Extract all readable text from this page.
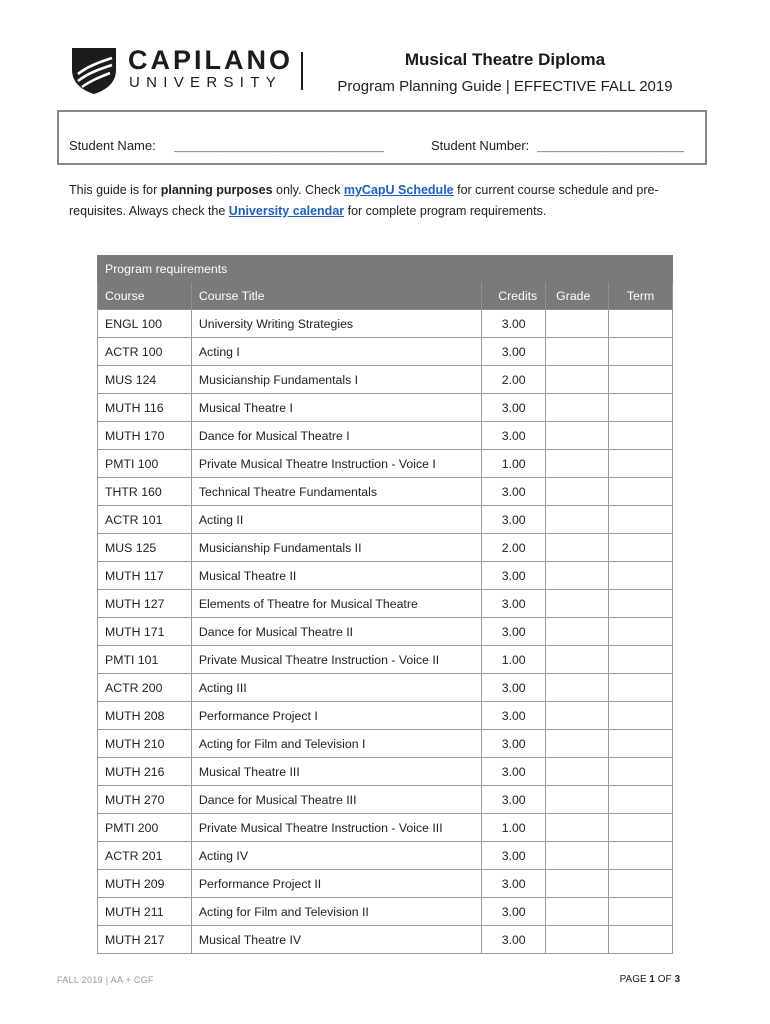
CAPILANO
UNIVERSITY
Musical Theatre Diploma
Program Planning Guide | EFFECTIVE FALL 2019
Student Name: ______________________________	Student Number: _____________________
This guide is for planning purposes only. Check myCapU Schedule for current course schedule and pre-requisites. Always check the University calendar for complete program requirements.
Program requirements				
Course	Course Title	Credits	Grade	Term
ENGL 100	University Writing Strategies	3.00		
ACTR 100	Acting I	3.00		
MUS 124	Musicianship Fundamentals I	2.00		
MUTH 116	Musical Theatre I	3.00		
MUTH 170	Dance for Musical Theatre I	3.00		
PMTI 100	Private Musical Theatre Instruction - Voice I	1.00		
THTR 160	Technical Theatre Fundamentals	3.00		
ACTR 101	Acting II	3.00		
MUS 125	Musicianship Fundamentals II	2.00		
MUTH 117	Musical Theatre II	3.00		
MUTH 127	Elements of Theatre for Musical Theatre	3.00		
MUTH 171	Dance for Musical Theatre II	3.00		
PMTI 101	Private Musical Theatre Instruction - Voice II	1.00		
ACTR 200	Acting III	3.00		
MUTH 208	Performance Project I	3.00		
MUTH 210	Acting for Film and Television I	3.00		
MUTH 216	Musical Theatre III	3.00		
MUTH 270	Dance for Musical Theatre III	3.00		
PMTI 200	Private Musical Theatre Instruction - Voice III	1.00		
ACTR 201	Acting IV	3.00		
MUTH 209	Performance Project II	3.00		
MUTH 211	Acting for Film and Television II	3.00		
MUTH 217	Musical Theatre IV	3.00		
FALL 2019 | AA + CGF	PAGE 1 OF 3
